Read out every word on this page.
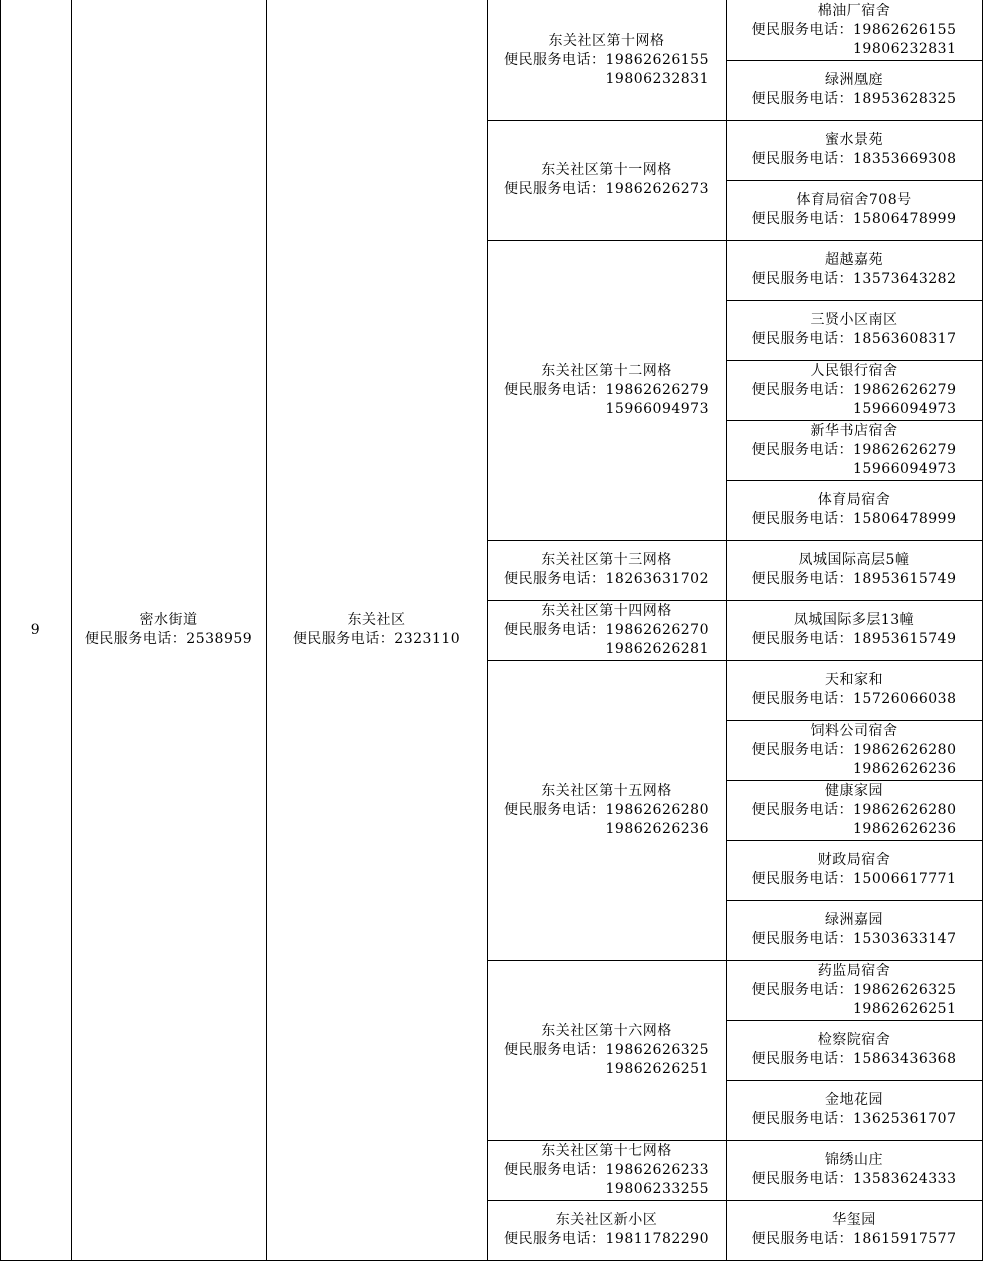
9
密水街道
便民服务电话：2538959
东关社区
便民服务电话：2323110
东关社区第十网格
便民服务电话：19862626155
19806232831
棉油厂宿舍
便民服务电话：19862626155
19806232831
绿洲凰庭
便民服务电话：18953628325
东关社区第十一网格
便民服务电话：19862626273
蜜水景苑
便民服务电话：18353669308
体育局宿舍708号
便民服务电话：15806478999
东关社区第十二网格
便民服务电话：19862626279
15966094973
超越嘉苑
便民服务电话：13573643282
三贤小区南区
便民服务电话：18563608317
人民银行宿舍
便民服务电话：19862626279
15966094973
新华书店宿舍
便民服务电话：19862626279
15966094973
体育局宿舍
便民服务电话：15806478999
东关社区第十三网格
便民服务电话：18263631702
凤城国际高层5幢
便民服务电话：18953615749
东关社区第十四网格
便民服务电话：19862626270
19862626281
凤城国际多层13幢
便民服务电话：18953615749
东关社区第十五网格
便民服务电话：19862626280
19862626236
天和家和
便民服务电话：15726066038
饲料公司宿舍
便民服务电话：19862626280
19862626236
健康家园
便民服务电话：19862626280
19862626236
财政局宿舍
便民服务电话：15006617771
绿洲嘉园
便民服务电话：15303633147
东关社区第十六网格
便民服务电话：19862626325
19862626251
药监局宿舍
便民服务电话：19862626325
19862626251
检察院宿舍
便民服务电话：15863436368
金地花园
便民服务电话：13625361707
东关社区第十七网格
便民服务电话：19862626233
19806233255
锦绣山庄
便民服务电话：13583624333
东关社区新小区
便民服务电话：19811782290
华玺园
便民服务电话：18615917577
